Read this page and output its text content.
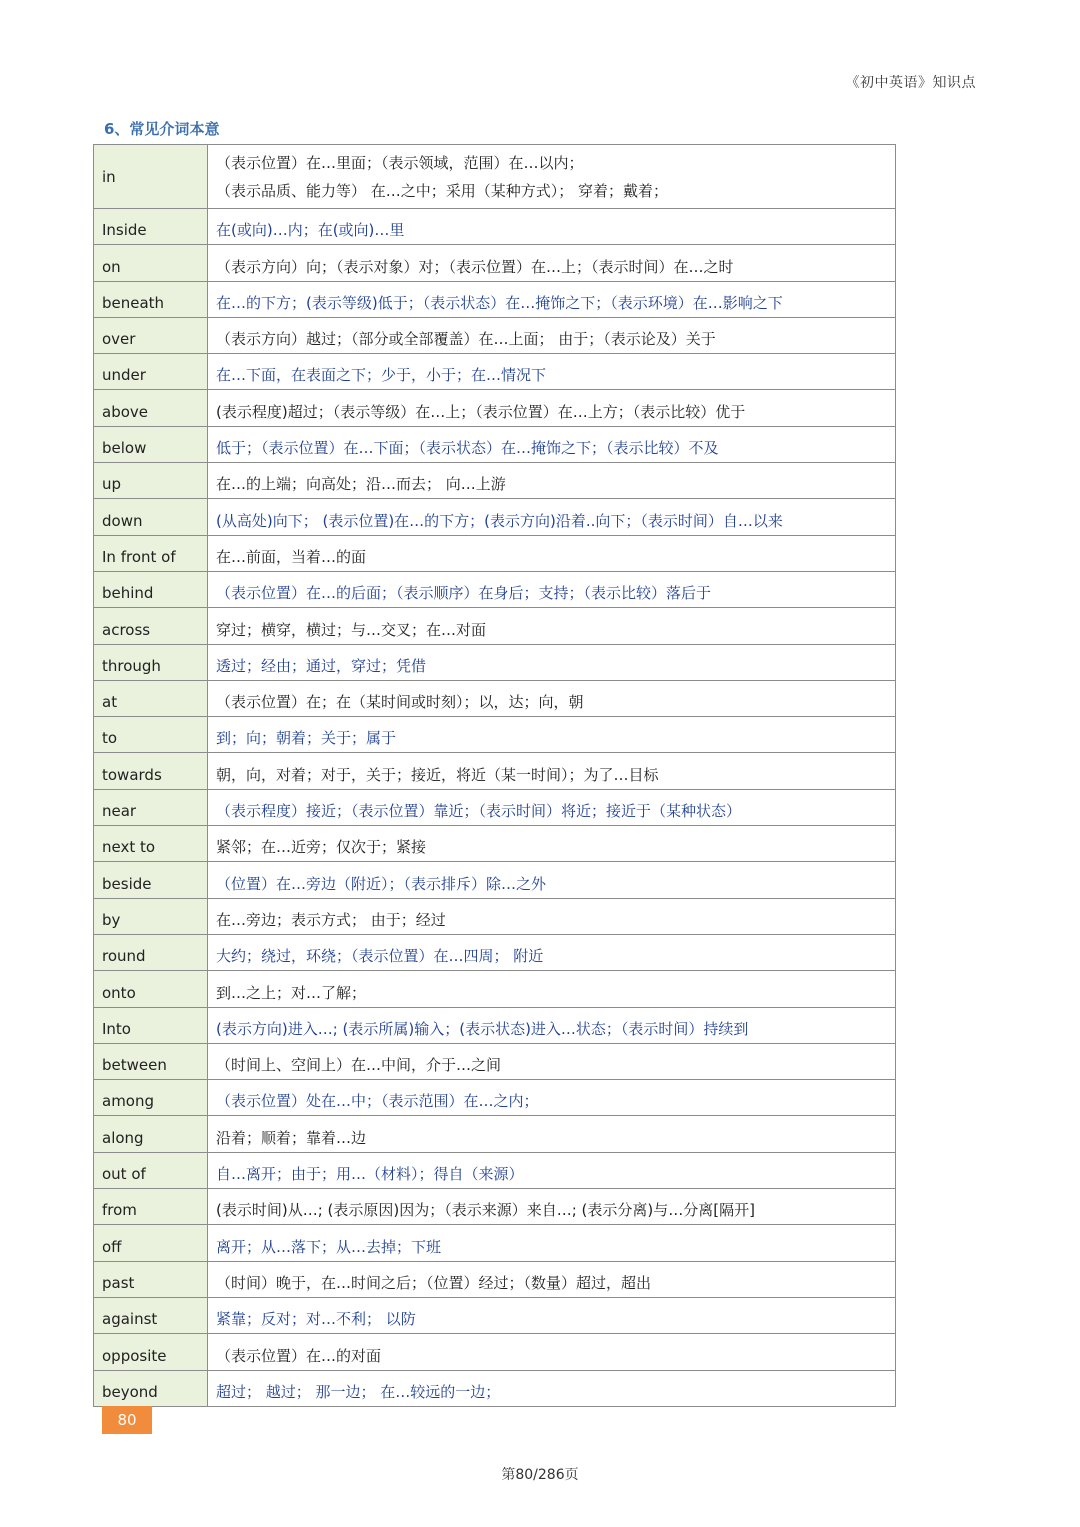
《初中英语》知识点
6、常见介词本意
in	（表示位置）在…里面；（表示领域，范围）在…以内；
（表示品质、能力等） 在…之中；采用（某种方式）； 穿着；戴着；

Inside	在(或向)…内；在(或向)…里
on	（表示方向）向；（表示对象）对；（表示位置）在…上；（表示时间）在…之时
beneath	在…的下方；(表示等级)低于；（表示状态）在…掩饰之下；（表示环境）在…影响之下
over	（表示方向）越过；（部分或全部覆盖）在…上面； 由于；（表示论及）关于
under	在…下面，在表面之下；少于，小于；在…情况下
above	(表示程度)超过；（表示等级）在…上；（表示位置）在…上方；（表示比较）优于
below	低于；（表示位置）在…下面；（表示状态）在…掩饰之下；（表示比较）不及
up	在…的上端；向高处；沿…而去； 向…上游
down	(从高处)向下； (表示位置)在…的下方；(表示方向)沿着..向下；（表示时间）自…以来
In front of	在…前面，当着…的面
behind	（表示位置）在…的后面；（表示顺序）在身后；支持；（表示比较）落后于
across	穿过；横穿，横过；与…交叉；在…对面
through	透过；经由；通过，穿过；凭借
at	（表示位置）在；在（某时间或时刻）；以，达；向，朝
to	到；向；朝着；关于；属于
towards	朝，向，对着；对于，关于；接近，将近（某一时间）；为了…目标
near	（表示程度）接近；（表示位置）靠近；（表示时间）将近；接近于（某种状态）
next to	紧邻；在…近旁；仅次于；紧接
beside	（位置）在…旁边（附近）；（表示排斥）除…之外
by	在…旁边；表示方式； 由于；经过
round	大约；绕过，环绕；（表示位置）在…四周； 附近
onto	到…之上；对…了解；
Into	(表示方向)进入…; (表示所属)输入；(表示状态)进入…状态；（表示时间）持续到
between	（时间上、空间上）在…中间，介于…之间
among	（表示位置）处在…中；（表示范围）在…之内；
along	沿着；顺着；靠着…边
out of	自…离开；由于；用…（材料）；得自（来源）
from	(表示时间)从…; (表示原因)因为；（表示来源）来自…; (表示分离)与…分离[隔开]
off	离开；从…落下；从…去掉；下班
past	（时间）晚于，在…时间之后；（位置）经过；（数量）超过，超出
against	紧靠；反对；对…不利； 以防
opposite	（表示位置）在…的对面
beyond	超过； 越过； 那一边； 在…较远的一边；
80
第80/286页
